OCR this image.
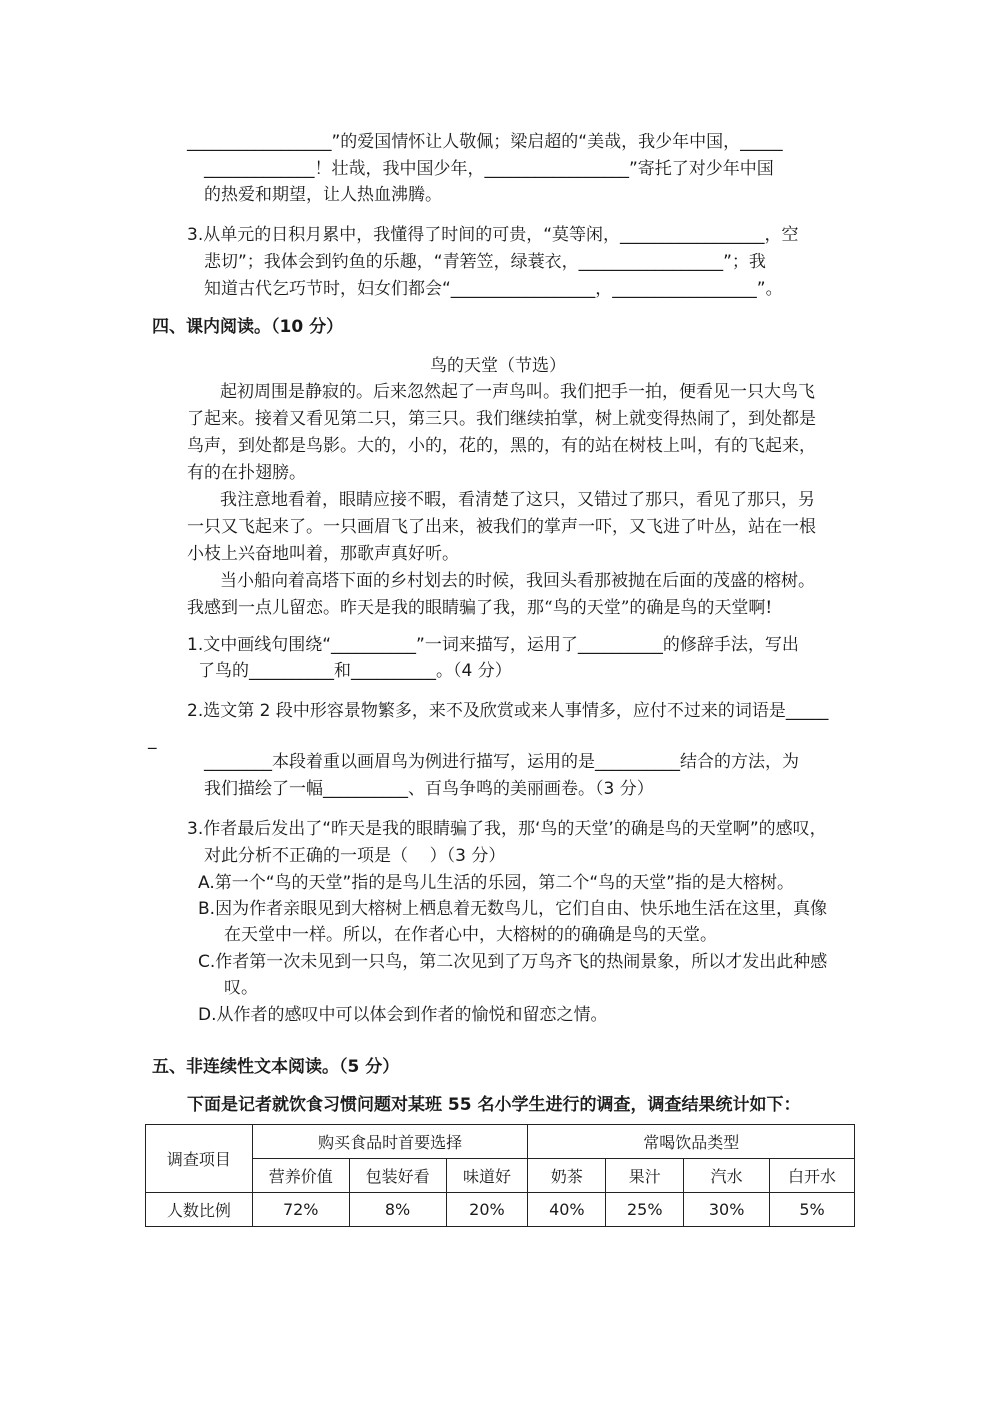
_________________”的爱国情怀让人敬佩；梁启超的“美哉，我少年中国，_____
_____________！壮哉，我中国少年，_________________”寄托了对少年中国
的热爱和期望，让人热血沸腾。
3.从单元的日积月累中，我懂得了时间的可贵，“莫等闲，_________________，空
悲切”；我体会到钓鱼的乐趣，“青箬笠，绿蓑衣，_________________”；我
知道古代乞巧节时，妇女们都会“_________________，_________________”。
四、课内阅读。（10 分）
鸟的天堂（节选）
起初周围是静寂的。后来忽然起了一声鸟叫。我们把手一拍，便看见一只大鸟飞
了起来。接着又看见第二只，第三只。我们继续拍掌，树上就变得热闹了，到处都是
鸟声，到处都是鸟影。大的，小的，花的，黑的，有的站在树枝上叫，有的飞起来，
有的在扑翅膀。
我注意地看着，眼睛应接不暇，看清楚了这只，又错过了那只，看见了那只，另
一只又飞起来了。一只画眉飞了出来，被我们的掌声一吓，又飞进了叶丛，站在一根
小枝上兴奋地叫着，那歌声真好听。
当小船向着高塔下面的乡村划去的时候，我回头看那被抛在后面的茂盛的榕树。
我感到一点儿留恋。昨天是我的眼睛骗了我，那“鸟的天堂”的确是鸟的天堂啊!
1.文中画线句围绕“__________”一词来描写，运用了__________的修辞手法，写出
了鸟的__________和__________。（4 分）
2.选文第 2 段中形容景物繁多，来不及欣赏或来人事情多，应付不过来的词语是_____
_
________本段着重以画眉鸟为例进行描写，运用的是__________结合的方法，为
我们描绘了一幅__________、百鸟争鸣的美丽画卷。（3 分）
3.作者最后发出了“昨天是我的眼睛骗了我，那‘鸟的天堂’的确是鸟的天堂啊”的感叹，
对此分析不正确的一项是（    ）（3 分）
A.第一个“鸟的天堂”指的是鸟儿生活的乐园，第二个“鸟的天堂”指的是大榕树。
B.因为作者亲眼见到大榕树上栖息着无数鸟儿，它们自由、快乐地生活在这里，真像
在天堂中一样。所以，在作者心中，大榕树的的确确是鸟的天堂。
C.作者第一次未见到一只鸟，第二次见到了万鸟齐飞的热闹景象，所以才发出此种感
叹。
D.从作者的感叹中可以体会到作者的愉悦和留恋之情。
五、非连续性文本阅读。（5 分）
下面是记者就饮食习惯问题对某班 55 名小学生进行的调查，调查结果统计如下：
调查项目	购买食品时首要选择			常喝饮品类型			
	营养价值	包装好看	味道好	奶茶	果汁	汽水	白开水
人数比例	72%	8%	20%	40%	25%	30%	5%
